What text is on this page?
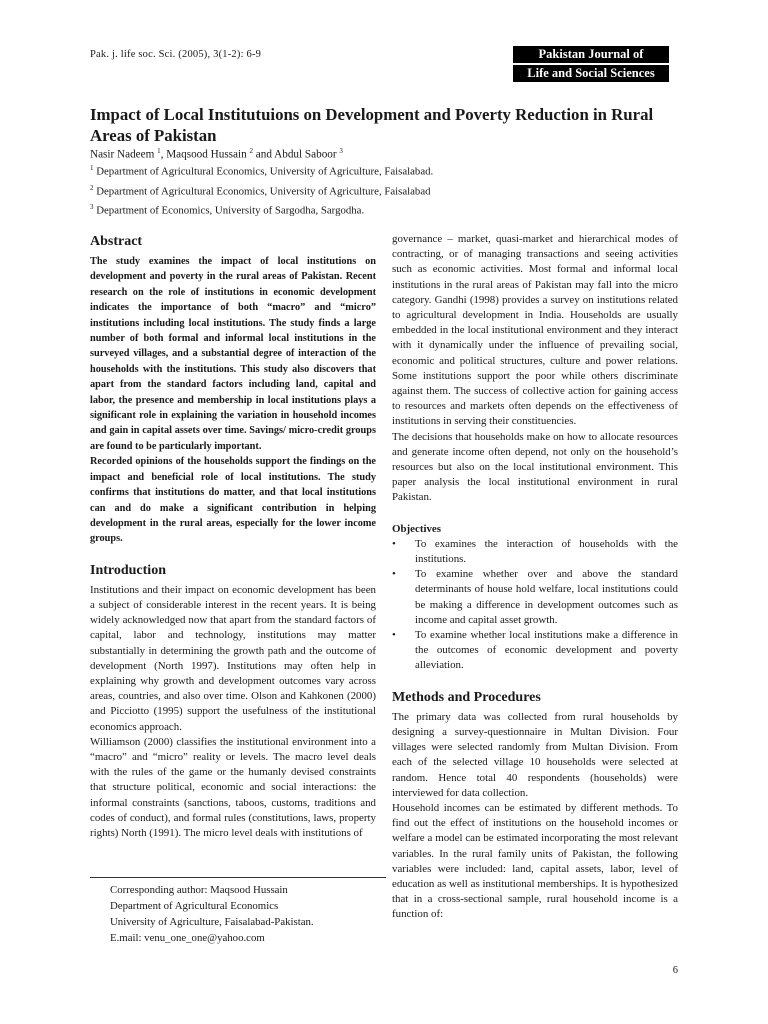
Pak. j. life soc. Sci. (2005), 3(1-2): 6-9	Pakistan Journal of
Life and Social Sciences
Impact of Local Institutuions on Development and Poverty Reduction in Rural Areas of Pakistan
Nasir Nadeem $^1$, Maqsood Hussain $^2$ and Abdul Saboor $^3$
$^1$ Department of Agricultural Economics, University of Agriculture, Faisalabad.
$^2$ Department of Agricultural Economics, University of Agriculture, Faisalabad
$^3$ Department of Economics, University of Sargodha, Sargodha.
Abstract

The study examines the impact of local institutions on development and poverty in the rural areas of Pakistan. Recent research on the role of institutions in economic development indicates the importance of both “macro” and “micro” institutions including local institutions. The study finds a large number of both formal and informal local institutions in the surveyed villages, and a substantial degree of interaction of the households with the institutions. This study also discovers that apart from the standard factors including land, capital and labor, the presence and membership in local institutions plays a significant role in explaining the variation in household incomes and gain in capital assets over time. Savings/ micro-credit groups are found to be particularly important.

Recorded opinions of the households support the findings on the impact and beneficial role of local institutions. The study confirms that institutions do matter, and that local institutions can and do make a significant contribution in helping development in the rural areas, especially for the lower income groups.

Introduction

Institutions and their impact on economic development has been a subject of considerable interest in the recent years. It is being widely acknowledged now that apart from the standard factors of capital, labor and technology, institutions may matter substantially in determining the growth path and the outcome of development (North 1997). Institutions may often help in explaining why growth and development outcomes vary across areas, countries, and also over time. Olson and Kahkonen (2000) and Picciotto (1995) support the usefulness of the institutional economics approach.

Williamson (2000) classifies the institutional environment into a “macro” and “micro” reality or levels. The macro level deals with the rules of the game or the humanly devised constraints that structure political, economic and social interactions: the informal constraints (sanctions, taboos, customs, traditions and codes of conduct), and formal rules (constitutions, laws, property rights) North (1991). The micro level deals with institutions of

governance – market, quasi-market and hierarchical modes of contracting, or of managing transactions and seeing activities such as economic activities. Most formal and informal local institutions in the rural areas of Pakistan may fall into the micro category. Gandhi (1998) provides a survey on institutions related to agricultural development in India. Households are usually embedded in the local institutional environment and they interact with it dynamically under the influence of prevailing social, economic and political structures, culture and power relations. Some institutions support the poor while others discriminate against them. The success of collective action for gaining access to resources and markets often depends on the effectiveness of institutions in serving their constituencies.

The decisions that households make on how to allocate resources and generate income often depend, not only on the household’s resources but also on the local institutional environment. This paper analysis the local institutional environment in rural Pakistan.

Objectives
• To examines the interaction of households with the institutions.
• To examine whether over and above the standard determinants of house hold welfare, local institutions could be making a difference in development outcomes such as income and capital asset growth.
• To examine whether local institutions make a difference in the outcomes of economic development and poverty alleviation.
Methods and Procedures

The primary data was collected from rural households by designing a survey-questionnaire in Multan Division. Four villages were selected randomly from Multan Division. From each of the selected village 10 households were selected at random. Hence total 40 respondents (households) were interviewed for data collection.

Household incomes can be estimated by different methods. To find out the effect of institutions on the household incomes or welfare a model can be estimated incorporating the most relevant variables. In the rural family units of Pakistan, the following variables were included: land, capital assets, labor, level of education as well as institutional memberships. It is hypothesized that in a cross-sectional sample, rural household income is a function of:

Corresponding author: Maqsood Hussain
Department of Agricultural Economics
University of Agriculture, Faisalabad-Pakistan.
E.mail: venu_one_one@yahoo.com
6
